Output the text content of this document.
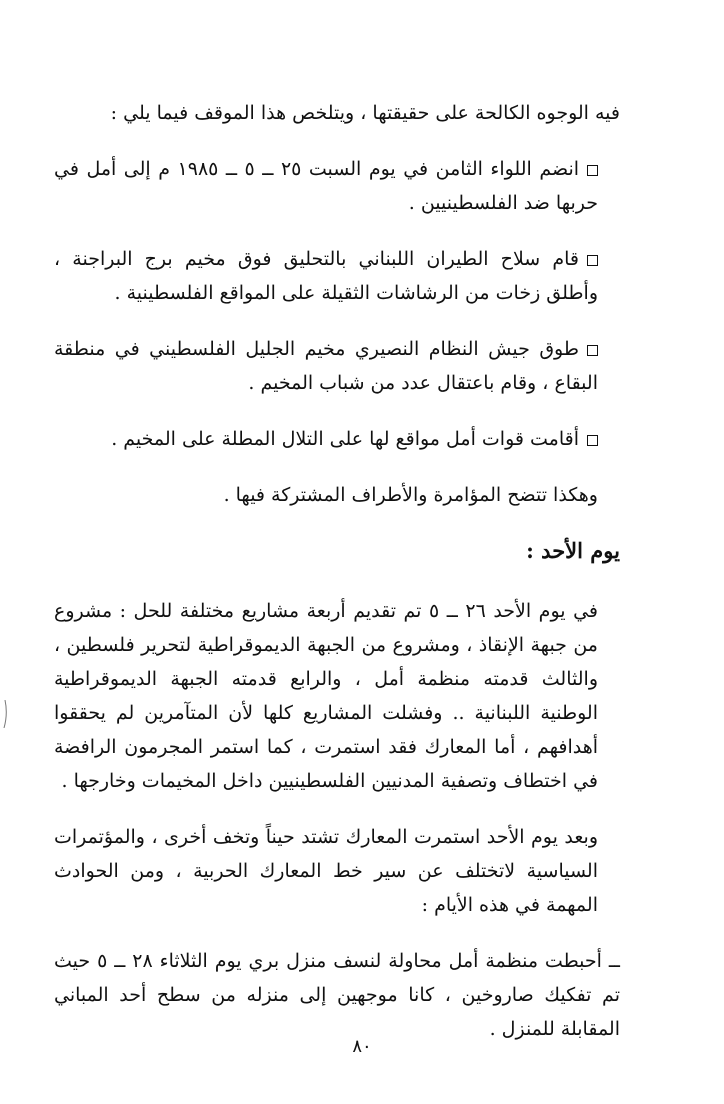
فيه الوجوه الكالحة على حقيقتها ، ويتلخص هذا الموقف فيما يلي :

انضم اللواء الثامن في يوم السبت ٢٥ ــ ٥ ــ ١٩٨٥ م إلى أمل في حربها ضد الفلسطينيين .

قام سلاح الطيران اللبناني بالتحليق فوق مخيم برج البراجنة ، وأطلق زخات من الرشاشات الثقيلة على المواقع الفلسطينية .

طوق جيش النظام النصيري مخيم الجليل الفلسطيني في منطقة البقاع ، وقام باعتقال عدد من شباب المخيم .

أقامت قوات أمل مواقع لها على التلال المطلة على المخيم .

وهكذا تتضح المؤامرة والأطراف المشتركة فيها .

يوم الأحد :

في يوم الأحد ٢٦ ــ ٥ تم تقديم أربعة مشاريع مختلفة للحل : مشروع من جبهة الإنقاذ ، ومشروع من الجبهة الديموقراطية لتحرير فلسطين ، والثالث قدمته منظمة أمل ، والرابع قدمته الجبهة الديموقراطية الوطنية اللبنانية .. وفشلت المشاريع كلها لأن المتآمرين لم يحققوا أهدافهم ، أما المعارك فقد استمرت ، كما استمر المجرمون الرافضة في اختطاف وتصفية المدنيين الفلسطينيين داخل المخيمات وخارجها .

وبعد يوم الأحد استمرت المعارك تشتد حيناً وتخف أخرى ، والمؤتمرات السياسية لاتختلف عن سير خط المعارك الحربية ، ومن الحوادث المهمة في هذه الأيام :

ــ أحبطت منظمة أمل محاولة لنسف منزل بري يوم الثلاثاء ٢٨ ــ ٥ حيث تم تفكيك صاروخين ، كانا موجهين إلى منزله من سطح أحد المباني المقابلة للمنزل .

٨٠
